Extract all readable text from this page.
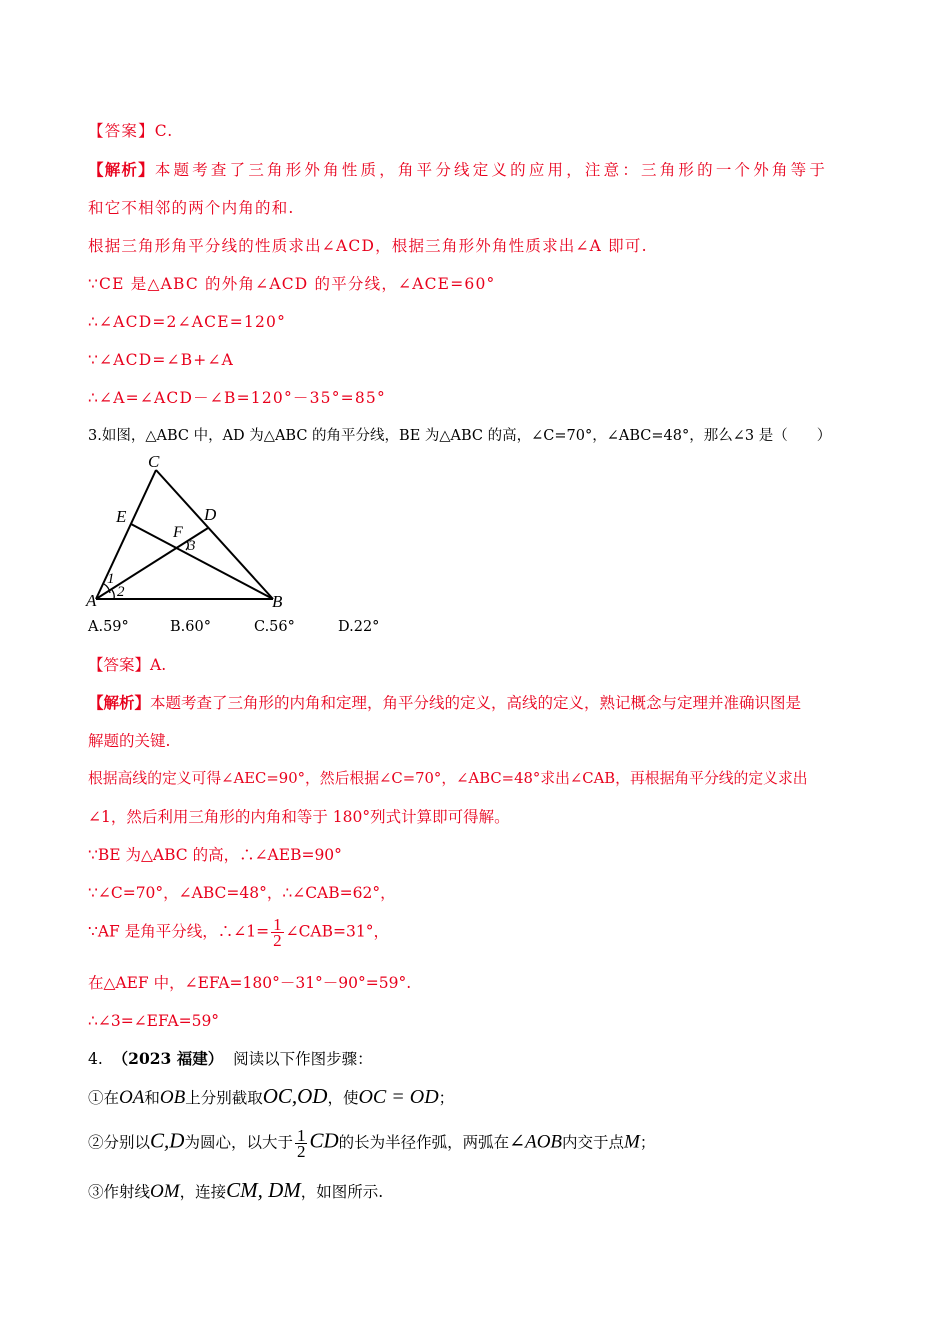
【答案】C.
【解析】本题考查了三角形外角性质，角平分线定义的应用，注意：三角形的一个外角等于
和它不相邻的两个内角的和.
根据三角形角平分线的性质求出∠ACD，根据三角形外角性质求出∠A 即可.
∵CE 是△ABC 的外角∠ACD 的平分线，∠ACE=60°
∴∠ACD=2∠ACE=120°
∵∠ACD=∠B+∠A
∴∠A=∠ACD－∠B=120°－35°=85°
3.如图，△ABC 中，AD 为△ABC 的角平分线，BE 为△ABC 的高，∠C=70°，∠ABC=48°，那么∠3 是（　　）
C
E	D
F
3
1
2
A	B
A.59°	B.60°	C.56°	D.22°
【答案】A.
【解析】本题考查了三角形的内角和定理，角平分线的定义，高线的定义，熟记概念与定理并准确识图是
解题的关键.
根据高线的定义可得∠AEC=90°，然后根据∠C=70°，∠ABC=48°求出∠CAB，再根据角平分线的定义求出
∠1，然后利用三角形的内角和等于 180°列式计算即可得解。
∵BE 为△ABC 的高，∴∠AEB=90°
∵∠C=70°，∠ABC=48°，∴∠CAB=62°，
∵AF 是角平分线，∴∠1= $\frac{1}{2}$ ∠CAB=31°，
在△AEF 中，∠EFA=180°－31°－90°=59°.
∴∠3=∠EFA=59°
4. （2023 福建） 阅读以下作图步骤：
①在OA和OB上分别截取OC,OD，使OC = OD；
②分别以C,D为圆心，以大于 $\frac{1}{2}$ CD的长为半径作弧，两弧在∠AOB内交于点M；
③作射线OM，连接CM, DM，如图所示.
